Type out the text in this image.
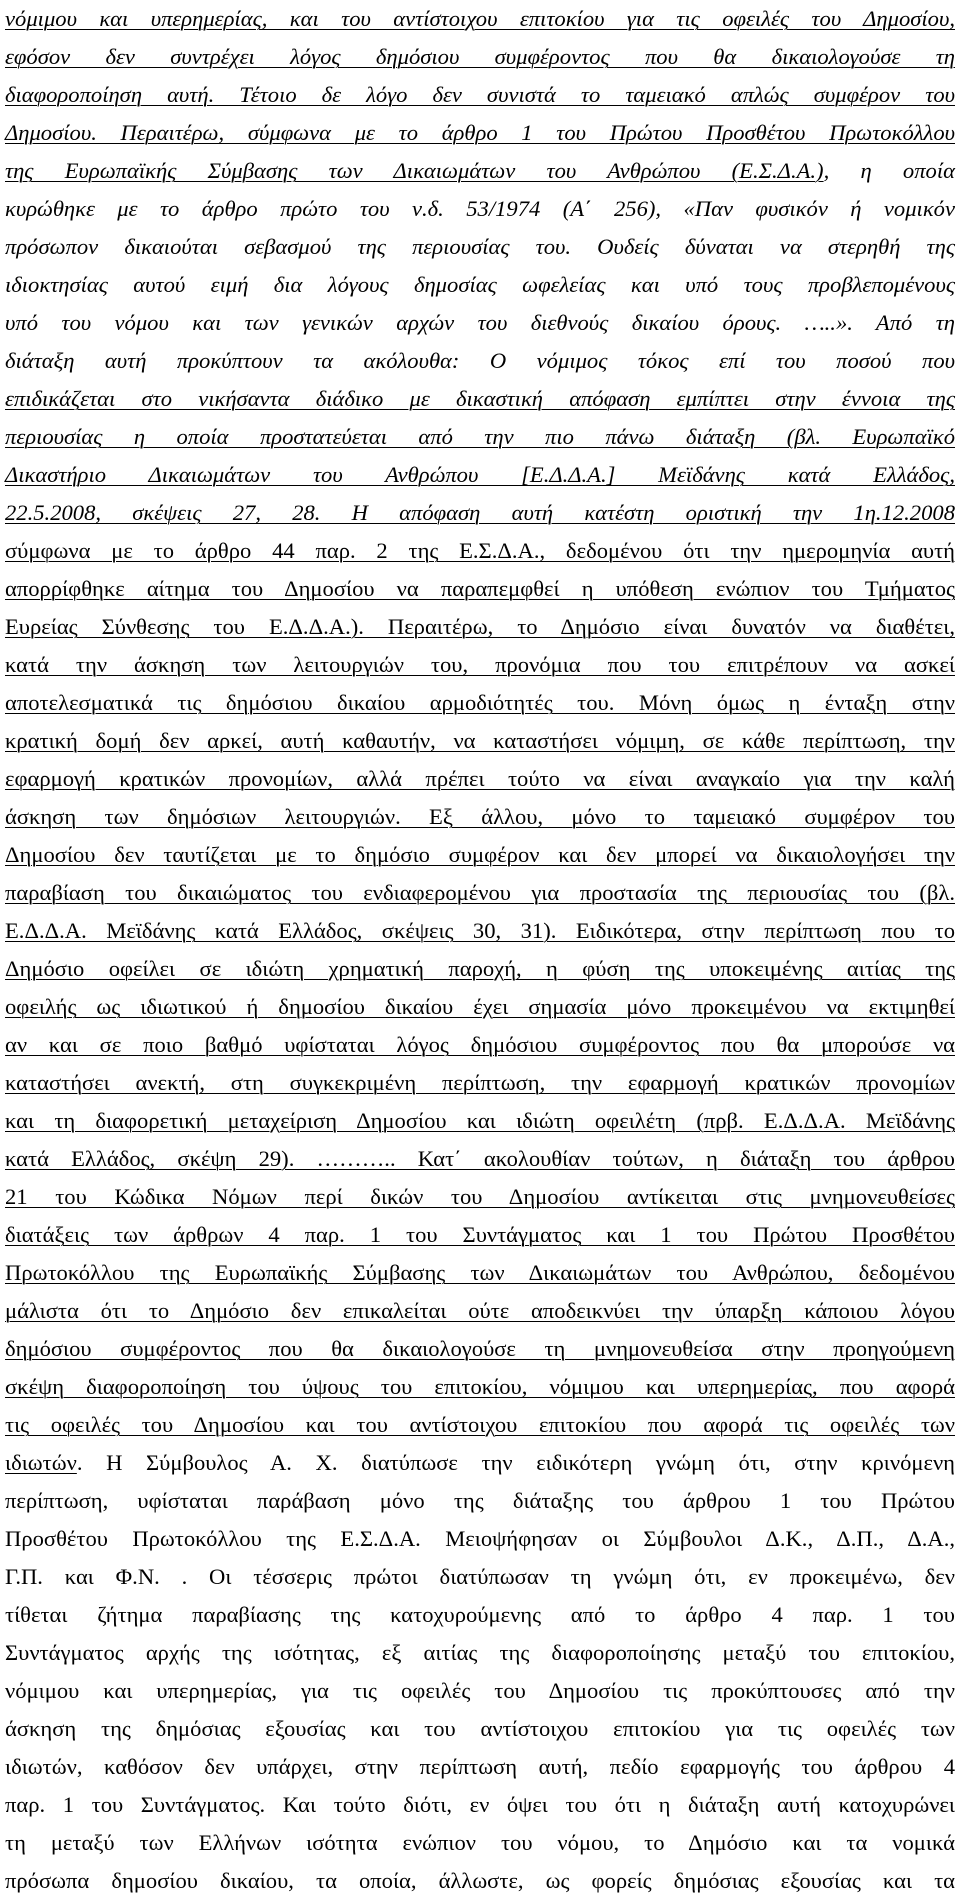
νόμιμου και υπερημερίας, και του αντίστοιχου επιτοκίου για τις οφειλές του Δημοσίου,
εφόσον δεν συντρέχει λόγος δημόσιου συμφέροντος που θα δικαιολογούσε τη
διαφοροποίηση αυτή. Τέτοιο δε λόγο δεν συνιστά το ταμειακό απλώς συμφέρον του
Δημοσίου. Περαιτέρω, σύμφωνα με το άρθρο 1 του Πρώτου Προσθέτου Πρωτοκόλλου
της Ευρωπαϊκής Σύμβασης των Δικαιωμάτων του Ανθρώπου (Ε.Σ.Δ.Α.), η οποία
κυρώθηκε με το άρθρο πρώτο του ν.δ. 53/1974 (Α΄ 256), «Παν φυσικόν ή νομικόν
πρόσωπον δικαιούται σεβασμού της περιουσίας του. Ουδείς δύναται να στερηθή της
ιδιοκτησίας αυτού ειμή δια λόγους δημοσίας ωφελείας και υπό τους προβλεπομένους
υπό του νόμου και των γενικών αρχών του διεθνούς δικαίου όρους. …..». Από τη
διάταξη αυτή προκύπτουν τα ακόλουθα: Ο νόμιμος τόκος επί του ποσού που
επιδικάζεται στο νικήσαντα διάδικο με δικαστική απόφαση εμπίπτει στην έννοια της
περιουσίας η οποία προστατεύεται από την πιο πάνω διάταξη (βλ. Ευρωπαϊκό
Δικαστήριο Δικαιωμάτων του Ανθρώπου [Ε.Δ.Δ.Α.] Μεϊδάνης κατά Ελλάδος,
22.5.2008, σκέψεις 27, 28. Η απόφαση αυτή κατέστη οριστική την 1η.12.2008
σύμφωνα με το άρθρο 44 παρ. 2 της Ε.Σ.Δ.Α., δεδομένου ότι την ημερομηνία αυτή
απορρίφθηκε αίτημα του Δημοσίου να παραπεμφθεί η υπόθεση ενώπιον του Τμήματος
Ευρείας Σύνθεσης του Ε.Δ.Δ.Α.). Περαιτέρω, το Δημόσιο είναι δυνατόν να διαθέτει,
κατά την άσκηση των λειτουργιών του, προνόμια που του επιτρέπουν να ασκεί
αποτελεσματικά τις δημόσιου δικαίου αρμοδιότητές του. Μόνη όμως η ένταξη στην
κρατική δομή δεν αρκεί, αυτή καθαυτήν, να καταστήσει νόμιμη, σε κάθε περίπτωση, την
εφαρμογή κρατικών προνομίων, αλλά πρέπει τούτο να είναι αναγκαίο για την καλή
άσκηση των δημόσιων λειτουργιών. Εξ άλλου, μόνο το ταμειακό συμφέρον του
Δημοσίου δεν ταυτίζεται με το δημόσιο συμφέρον και δεν μπορεί να δικαιολογήσει την
παραβίαση του δικαιώματος του ενδιαφερομένου για προστασία της περιουσίας του (βλ.
Ε.Δ.Δ.Α. Μεϊδάνης κατά Ελλάδος, σκέψεις 30, 31). Ειδικότερα, στην περίπτωση που το
Δημόσιο οφείλει σε ιδιώτη χρηματική παροχή, η φύση της υποκειμένης αιτίας της
οφειλής ως ιδιωτικού ή δημοσίου δικαίου έχει σημασία μόνο προκειμένου να εκτιμηθεί
αν και σε ποιο βαθμό υφίσταται λόγος δημόσιου συμφέροντος που θα μπορούσε να
καταστήσει ανεκτή, στη συγκεκριμένη περίπτωση, την εφαρμογή κρατικών προνομίων
και τη διαφορετική μεταχείριση Δημοσίου και ιδιώτη οφειλέτη (πρβ. Ε.Δ.Δ.Α. Μεϊδάνης
κατά Ελλάδος, σκέψη 29). ……….. Κατ΄ ακολουθίαν τούτων, η διάταξη του άρθρου
21 του Κώδικα Νόμων περί δικών του Δημοσίου αντίκειται στις μνημονευθείσες
διατάξεις των άρθρων 4 παρ. 1 του Συντάγματος και 1 του Πρώτου Προσθέτου
Πρωτοκόλλου της Ευρωπαϊκής Σύμβασης των Δικαιωμάτων του Ανθρώπου, δεδομένου
μάλιστα ότι το Δημόσιο δεν επικαλείται ούτε αποδεικνύει την ύπαρξη κάποιου λόγου
δημόσιου συμφέροντος που θα δικαιολογούσε τη μνημονευθείσα στην προηγούμενη
σκέψη διαφοροποίηση του ύψους του επιτοκίου, νόμιμου και υπερημερίας, που αφορά
τις οφειλές του Δημοσίου και του αντίστοιχου επιτοκίου που αφορά τις οφειλές των
ιδιωτών. Η Σύμβουλος Α. Χ. διατύπωσε την ειδικότερη γνώμη ότι, στην κρινόμενη
περίπτωση, υφίσταται παράβαση μόνο της διάταξης του άρθρου 1 του Πρώτου
Προσθέτου Πρωτοκόλλου της Ε.Σ.Δ.Α. Μειοψήφησαν οι Σύμβουλοι Δ.Κ., Δ.Π., Δ.Α.,
Γ.Π. και Φ.Ν. . Οι τέσσερις πρώτοι διατύπωσαν τη γνώμη ότι, εν προκειμένω, δεν
τίθεται ζήτημα παραβίασης της κατοχυρούμενης από το άρθρο 4 παρ. 1 του
Συντάγματος αρχής της ισότητας, εξ αιτίας της διαφοροποίησης μεταξύ του επιτοκίου,
νόμιμου και υπερημερίας, για τις οφειλές του Δημοσίου τις προκύπτουσες από την
άσκηση της δημόσιας εξουσίας και του αντίστοιχου επιτοκίου για τις οφειλές των
ιδιωτών, καθόσον δεν υπάρχει, στην περίπτωση αυτή, πεδίο εφαρμογής του άρθρου 4
παρ. 1 του Συντάγματος. Και τούτο διότι, εν όψει του ότι η διάταξη αυτή κατοχυρώνει
τη μεταξύ των Ελλήνων ισότητα ενώπιον του νόμου, το Δημόσιο και τα νομικά
πρόσωπα δημοσίου δικαίου, τα οποία, άλλωστε, ως φορείς δημόσιας εξουσίας και τα
